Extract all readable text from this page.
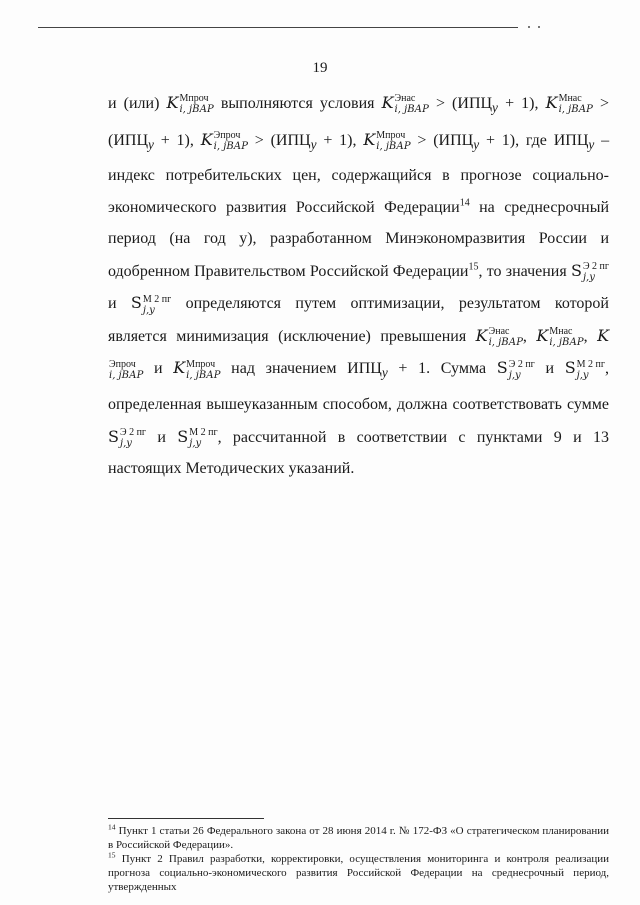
19

и (или) K Мпроч
i, jВАР выполняются условия K Энас
i, jВАР > $(ИПЦ_y + 1)$, K Мнас
i, jВАР > $(ИПЦ_y + 1)$, K Эпроч
i, jВАР > $(ИПЦ_y + 1)$, K Мпроч
i, jВАР > $(ИПЦ_y + 1)$, где $ИПЦ_y$ – индекс потребительских цен, содержащийся в прогнозе социально-экономического развития Российской Федерации$^{14}$ на среднесрочный период (на год у), разработанном Минэкономразвития России и одобренном Правительством Российской Федерации$^{15}$, то значения S Э 2 пг
j,y
и S М 2 пг
j,y	определяются путем оптимизации, результатом которой является минимизация (исключение) превышения K Энас
i, jВАР , K Мнас
i, jВАР , K
Эпроч
i, jВАР и K Мпроч
i, jВАР над значением $ИПЦ_y + 1$. Сумма S Э 2 пг
j,y	и S М 2 пг
j,y	, определенная вышеуказанным способом, должна соответствовать сумме S Э 2 пг
j,y	и S М 2 пг
j,y	, рассчитанной в соответствии с пунктами 9 и 13 настоящих Методических указаний.

$^{14}$ Пункт 1 статьи 26 Федерального закона от 28 июня 2014 г. № 172-ФЗ «О стратегическом планировании в Российской Федерации».

$^{15}$ Пункт 2 Правил разработки, корректировки, осуществления мониторинга и контроля реализации прогноза социально-экономического развития Российской Федерации на среднесрочный период, утвержденных
